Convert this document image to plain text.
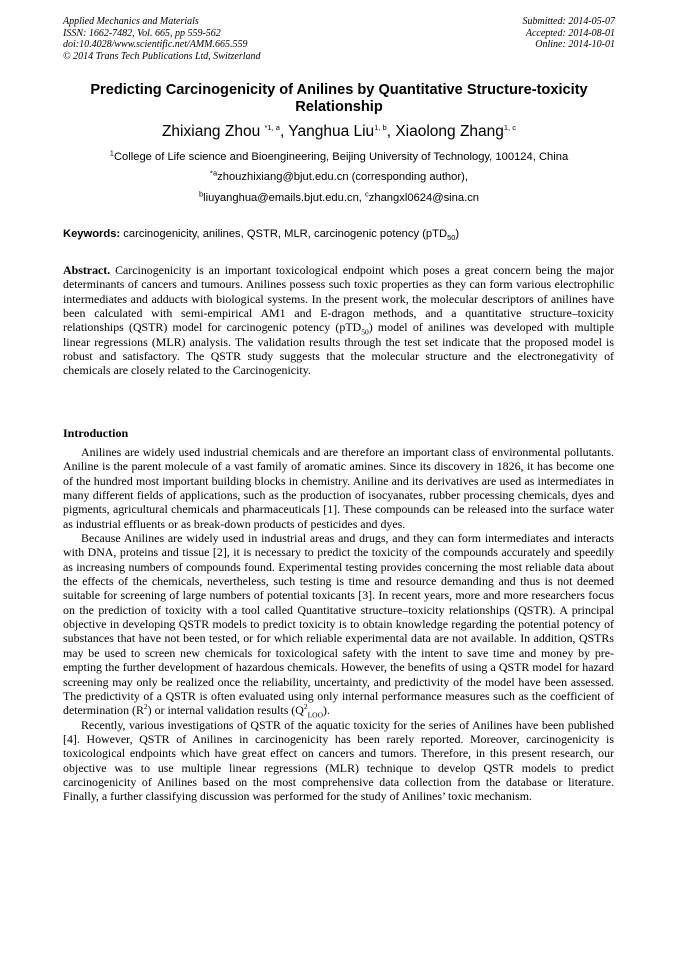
Applied Mechanics and Materials
ISSN: 1662-7482, Vol. 665, pp 559-562
doi:10.4028/www.scientific.net/AMM.665.559
© 2014 Trans Tech Publications Ltd, Switzerland
Submitted: 2014-05-07
Accepted: 2014-08-01
Online: 2014-10-01
Predicting Carcinogenicity of Anilines by Quantitative Structure-toxicity Relationship
Zhixiang Zhou $^{*1, a}$, Yanghua Liu$^{1, b}$, Xiaolong Zhang$^{1, c}$
$^1$College of Life science and Bioengineering, Beijing University of Technology, 100124, China
$^{*a}$zhouzhixiang@bjut.edu.cn (corresponding author),
$^b$liuyanghua@emails.bjut.edu.cn, $^c$zhangxl0624@sina.cn
Keywords: carcinogenicity, anilines, QSTR, MLR, carcinogenic potency (pTD$_{50}$)

Abstract. Carcinogenicity is an important toxicological endpoint which poses a great concern being the major determinants of cancers and tumours. Anilines possess such toxic properties as they can form various electrophilic intermediates and adducts with biological systems. In the present work, the molecular descriptors of anilines have been calculated with semi-empirical AM1 and E-dragon methods, and a quantitative structure–toxicity relationships (QSTR) model for carcinogenic potency (pTD$_{50}$) model of anilines was developed with multiple linear regressions (MLR) analysis. The validation results through the test set indicate that the proposed model is robust and satisfactory. The QSTR study suggests that the molecular structure and the electronegativity of chemicals are closely related to the Carcinogenicity.

Introduction

Anilines are widely used industrial chemicals and are therefore an important class of environmental pollutants. Aniline is the parent molecule of a vast family of aromatic amines. Since its discovery in 1826, it has become one of the hundred most important building blocks in chemistry. Aniline and its derivatives are used as intermediates in many different fields of applications, such as the production of isocyanates, rubber processing chemicals, dyes and pigments, agricultural chemicals and pharmaceuticals [1]. These compounds can be released into the surface water as industrial effluents or as break-down products of pesticides and dyes.

Because Anilines are widely used in industrial areas and drugs, and they can form intermediates and interacts with DNA, proteins and tissue [2], it is necessary to predict the toxicity of the compounds accurately and speedily as increasing numbers of compounds found. Experimental testing provides concerning the most reliable data about the effects of the chemicals, nevertheless, such testing is time and resource demanding and thus is not deemed suitable for screening of large numbers of potential toxicants [3]. In recent years, more and more researchers focus on the prediction of toxicity with a tool called Quantitative structure–toxicity relationships (QSTR). A principal objective in developing QSTR models to predict toxicity is to obtain knowledge regarding the potential potency of substances that have not been tested, or for which reliable experimental data are not available. In addition, QSTRs may be used to screen new chemicals for toxicological safety with the intent to save time and money by pre-empting the further development of hazardous chemicals. However, the benefits of using a QSTR model for hazard screening may only be realized once the reliability, uncertainty, and predictivity of the model have been assessed. The predictivity of a QSTR is often evaluated using only internal performance measures such as the coefficient of determination $(R^2)$ or internal validation results $(Q^2_{LOO})$.

Recently, various investigations of QSTR of the aquatic toxicity for the series of Anilines have been published [4]. However, QSTR of Anilines in carcinogenicity has been rarely reported. Moreover, carcinogenicity is toxicological endpoints which have great effect on cancers and tumors. Therefore, in this present research, our objective was to use multiple linear regressions (MLR) technique to develop QSTR models to predict carcinogenicity of Anilines based on the most comprehensive data collection from the database or literature. Finally, a further classifying discussion was performed for the study of Anilines’ toxic mechanism.
